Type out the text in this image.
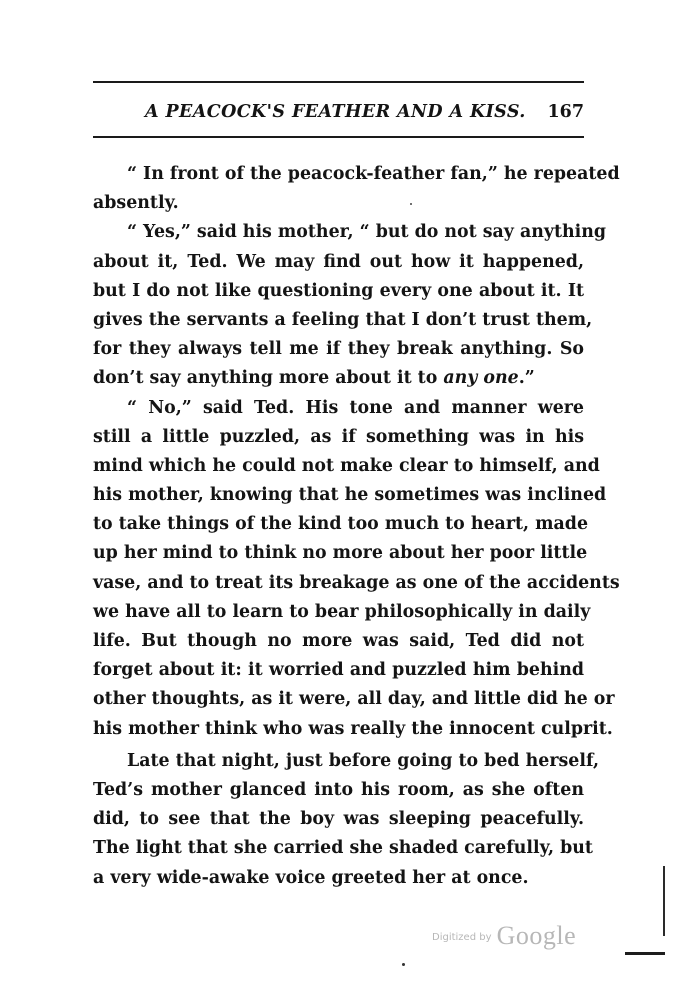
A PEACOCK'S FEATHER AND A KISS. 167
“ In front of the peacock-feather fan,” he repeated
absently.
“ Yes,” said his mother, “ but do not say anything
about it, Ted. We may find out how it happened,
but I do not like questioning every one about it. It
gives the servants a feeling that I don’t trust them,
for they always tell me if they break anything. So
don’t say anything more about it to any one.”
“ No,” said Ted. His tone and manner were
still a little puzzled, as if something was in his
mind which he could not make clear to himself, and
his mother, knowing that he sometimes was inclined
to take things of the kind too much to heart, made
up her mind to think no more about her poor little
vase, and to treat its breakage as one of the accidents
we have all to learn to bear philosophically in daily
life. But though no more was said, Ted did not
forget about it: it worried and puzzled him behind
other thoughts, as it were, all day, and little did he or
his mother think who was really the innocent culprit.
Late that night, just before going to bed herself,
Ted’s mother glanced into his room, as she often
did, to see that the boy was sleeping peacefully.
The light that she carried she shaded carefully, but
a very wide-awake voice greeted her at once.
$^{Digitized by}$ Google
